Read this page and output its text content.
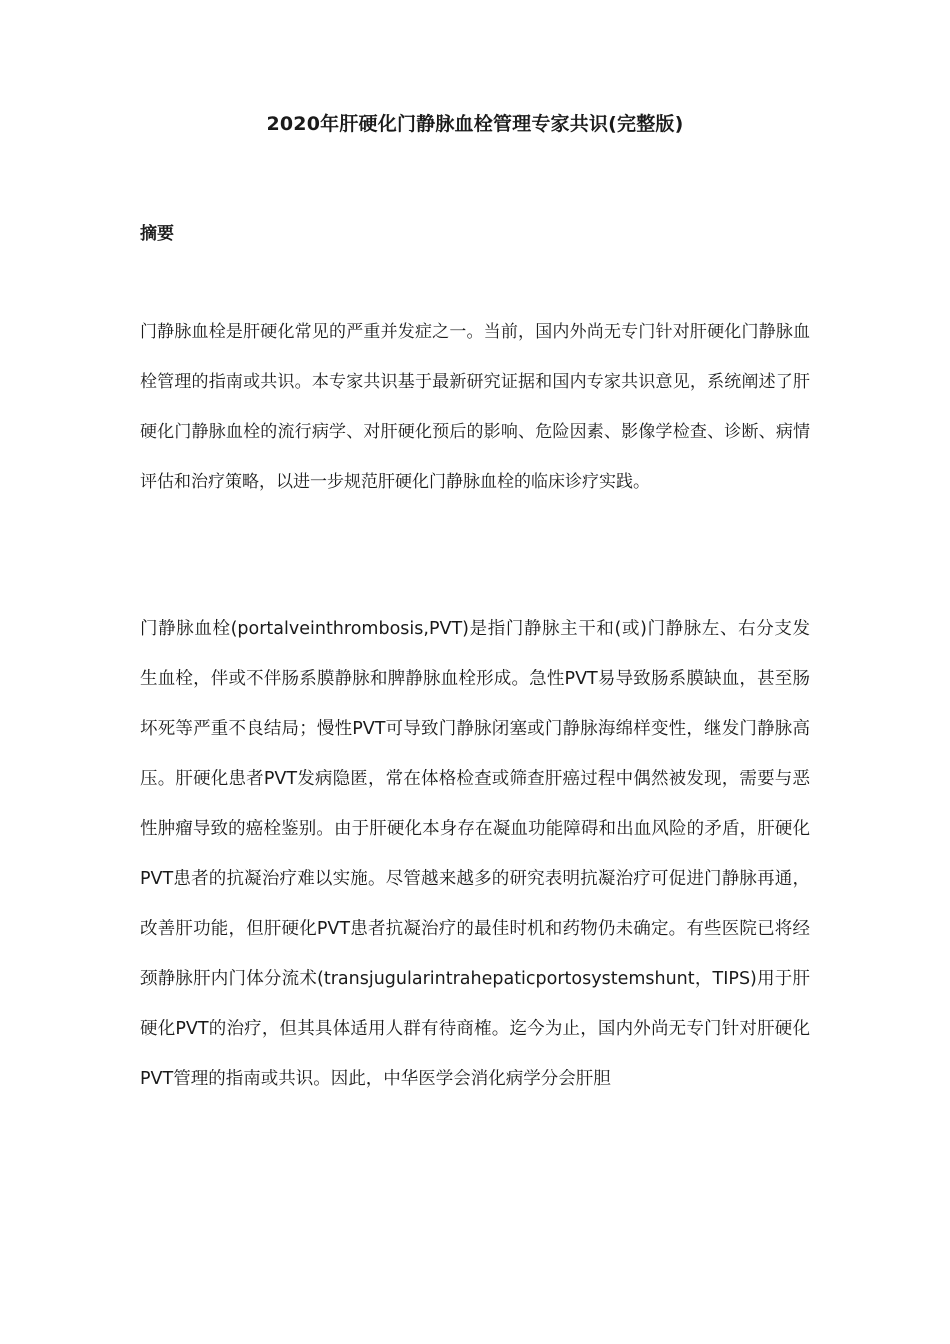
2020年肝硬化门静脉血栓管理专家共识(完整版)
摘要

门静脉血栓是肝硬化常见的严重并发症之一。当前，国内外尚无专门针对肝硬化门静脉血栓管理的指南或共识。本专家共识基于最新研究证据和国内专家共识意见，系统阐述了肝硬化门静脉血栓的流行病学、对肝硬化预后的影响、危险因素、影像学检查、诊断、病情评估和治疗策略，以进一步规范肝硬化门静脉血栓的临床诊疗实践。

门静脉血栓(portalveinthrombosis,PVT)是指门静脉主干和(或)门静脉左、右分支发生血栓，伴或不伴肠系膜静脉和脾静脉血栓形成。急性PVT易导致肠系膜缺血，甚至肠坏死等严重不良结局；慢性PVT可导致门静脉闭塞或门静脉海绵样变性，继发门静脉高压。肝硬化患者PVT发病隐匿，常在体格检查或筛查肝癌过程中偶然被发现，需要与恶性肿瘤导致的癌栓鉴别。由于肝硬化本身存在凝血功能障碍和出血风险的矛盾，肝硬化PVT患者的抗凝治疗难以实施。尽管越来越多的研究表明抗凝治疗可促进门静脉再通，改善肝功能，但肝硬化PVT患者抗凝治疗的最佳时机和药物仍未确定。有些医院已将经颈静脉肝内门体分流术(transjugularintrahepaticportosystemshunt，TIPS)用于肝硬化PVT的治疗，但其具体适用人群有待商榷。迄今为止，国内外尚无专门针对肝硬化PVT管理的指南或共识。因此，中华医学会消化病学分会肝胆
